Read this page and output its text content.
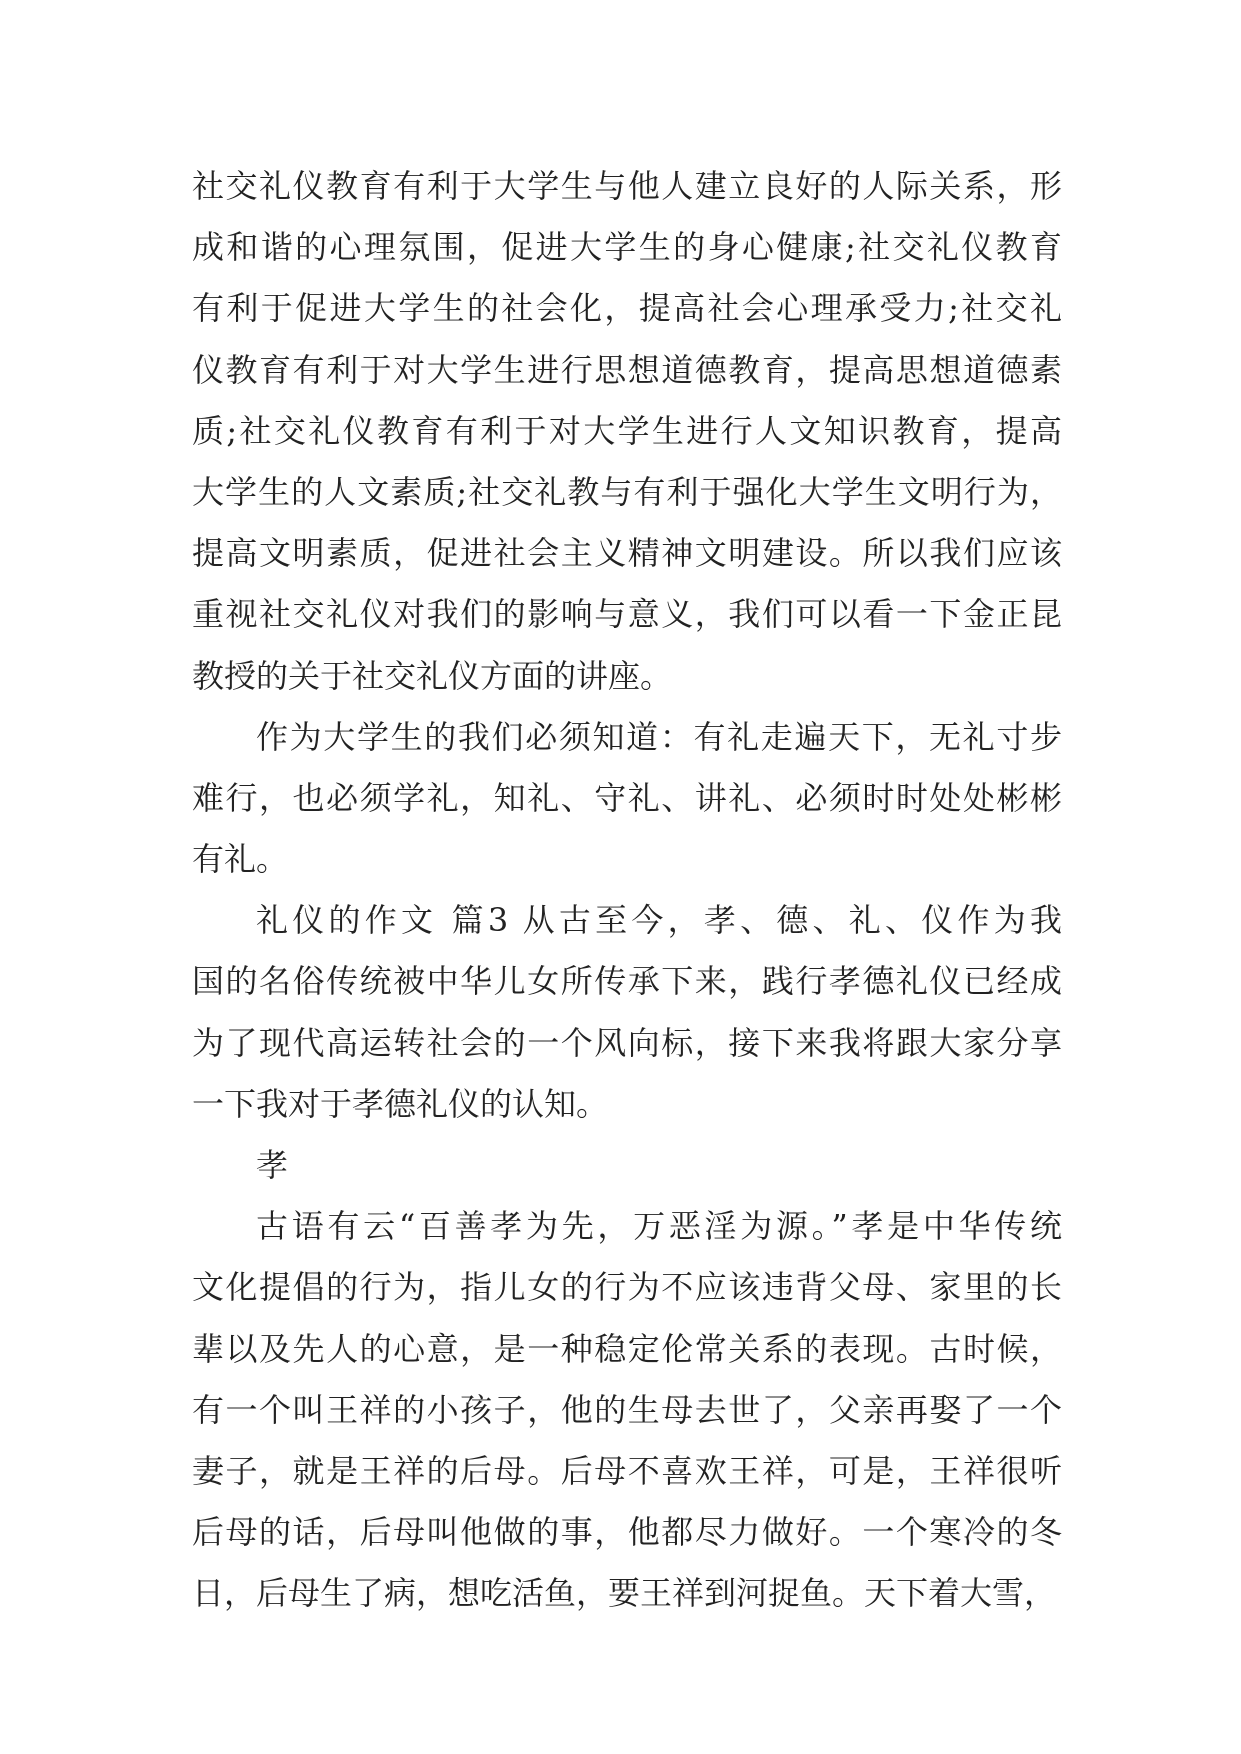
社交礼仪教育有利于大学生与他人建立良好的人际关系，形
成和谐的心理氛围，促进大学生的身心健康;社交礼仪教育
有利于促进大学生的社会化，提高社会心理承受力;社交礼
仪教育有利于对大学生进行思想道德教育，提高思想道德素
质;社交礼仪教育有利于对大学生进行人文知识教育，提高
大学生的人文素质;社交礼教与有利于强化大学生文明行为，
提高文明素质，促进社会主义精神文明建设。所以我们应该
重视社交礼仪对我们的影响与意义，我们可以看一下金正昆
教授的关于社交礼仪方面的讲座。
作为大学生的我们必须知道：有礼走遍天下，无礼寸步
难行，也必须学礼，知礼、守礼、讲礼、必须时时处处彬彬
有礼。
礼仪的作文 篇3 从古至今，孝、德、礼、仪作为我
国的名俗传统被中华儿女所传承下来，践行孝德礼仪已经成
为了现代高运转社会的一个风向标，接下来我将跟大家分享
一下我对于孝德礼仪的认知。
孝
古语有云“百善孝为先，万恶淫为源。”孝是中华传统
文化提倡的行为，指儿女的行为不应该违背父母、家里的长
辈以及先人的心意，是一种稳定伦常关系的表现。古时候，
有一个叫王祥的小孩子，他的生母去世了，父亲再娶了一个
妻子，就是王祥的后母。后母不喜欢王祥，可是，王祥很听
后母的话，后母叫他做的事，他都尽力做好。一个寒冷的冬
日，后母生了病，想吃活鱼，要王祥到河捉鱼。天下着大雪，
